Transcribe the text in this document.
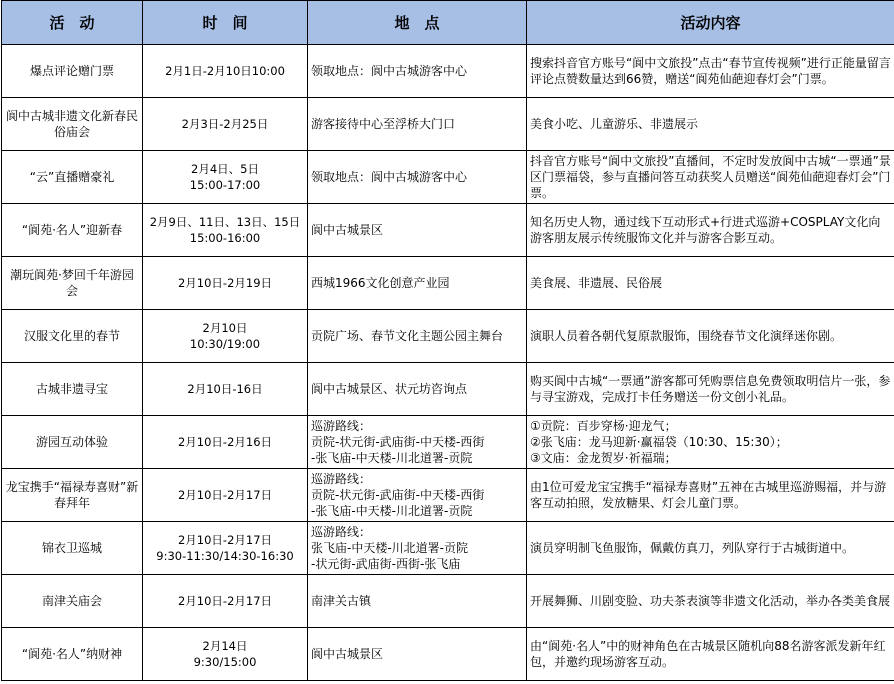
活　动	时　间	地　点	活动内容

爆点评论赠门票	2月1日-2月10日10:00	领取地点：阆中古城游客中心	搜索抖音官方账号“阆中文旅投”点击“春节宣传视频”进行正能量留言评论点赞数量达到66赞，赠送“阆苑仙葩迎春灯会”门票。

阆中古城非遗文化新春民俗庙会	2月3日-2月25日	游客接待中心至浮桥大门口	美食小吃、儿童游乐、非遗展示

“云”直播赠豪礼	2月4日、5日
15:00-17:00	领取地点：阆中古城游客中心	抖音官方账号“阆中文旅投”直播间，不定时发放阆中古城“一票通”景区门票福袋，参与直播问答互动获奖人员赠送“阆苑仙葩迎春灯会”门票。

“阆苑·名人”迎新春	2月9日、11日、13日、15日
15:00-16:00	阆中古城景区	知名历史人物，通过线下互动形式+行进式巡游+COSPLAY文化向游客朋友展示传统服饰文化并与游客合影互动。

潮玩阆苑·梦回千年游园会	2月10日-2月19日	西城1966文化创意产业园	美食展、非遗展、民俗展

汉服文化里的春节	2月10日
10:30/19:00	贡院广场、春节文化主题公园主舞台	演职人员着各朝代复原款服饰，围绕春节文化演绎迷你剧。

古城非遗寻宝	2月10日-16日	阆中古城景区、状元坊咨询点	购买阆中古城“一票通”游客都可凭购票信息免费领取明信片一张，参与寻宝游戏，完成打卡任务赠送一份文创小礼品。

游园互动体验	2月10日-2月16日	巡游路线：
贡院-状元街-武庙街-中天楼-西街
-张飞庙-中天楼-川北道署-贡院	①贡院：百步穿杨·迎龙气；
②张飞庙：龙马迎新·赢福袋（10:30、15:30）；
③文庙：金龙贺岁·祈福瑞；

龙宝携手“福禄寿喜财”新春拜年	2月10日-2月17日	巡游路线：
贡院-状元街-武庙街-中天楼-西街
-张飞庙-中天楼-川北道署-贡院	由1位可爱龙宝宝携手“福禄寿喜财”五神在古城里巡游赐福，并与游客互动拍照，发放糖果、灯会儿童门票。

锦衣卫巡城	2月10日-2月17日
9:30-11:30/14:30-16:30	巡游路线：
张飞庙-中天楼-川北道署-贡院
-状元街-武庙街-西街-张飞庙	演员穿明制飞鱼服饰，佩戴仿真刀，列队穿行于古城街道中。

南津关庙会	2月10日-2月17日	南津关古镇	开展舞狮、川剧变脸、功夫茶表演等非遗文化活动，举办各类美食展

“阆苑·名人”纳财神	2月14日
9:30/15:00	阆中古城景区	由“阆苑·名人”中的财神角色在古城景区随机向88名游客派发新年红包，并邀约现场游客互动。
